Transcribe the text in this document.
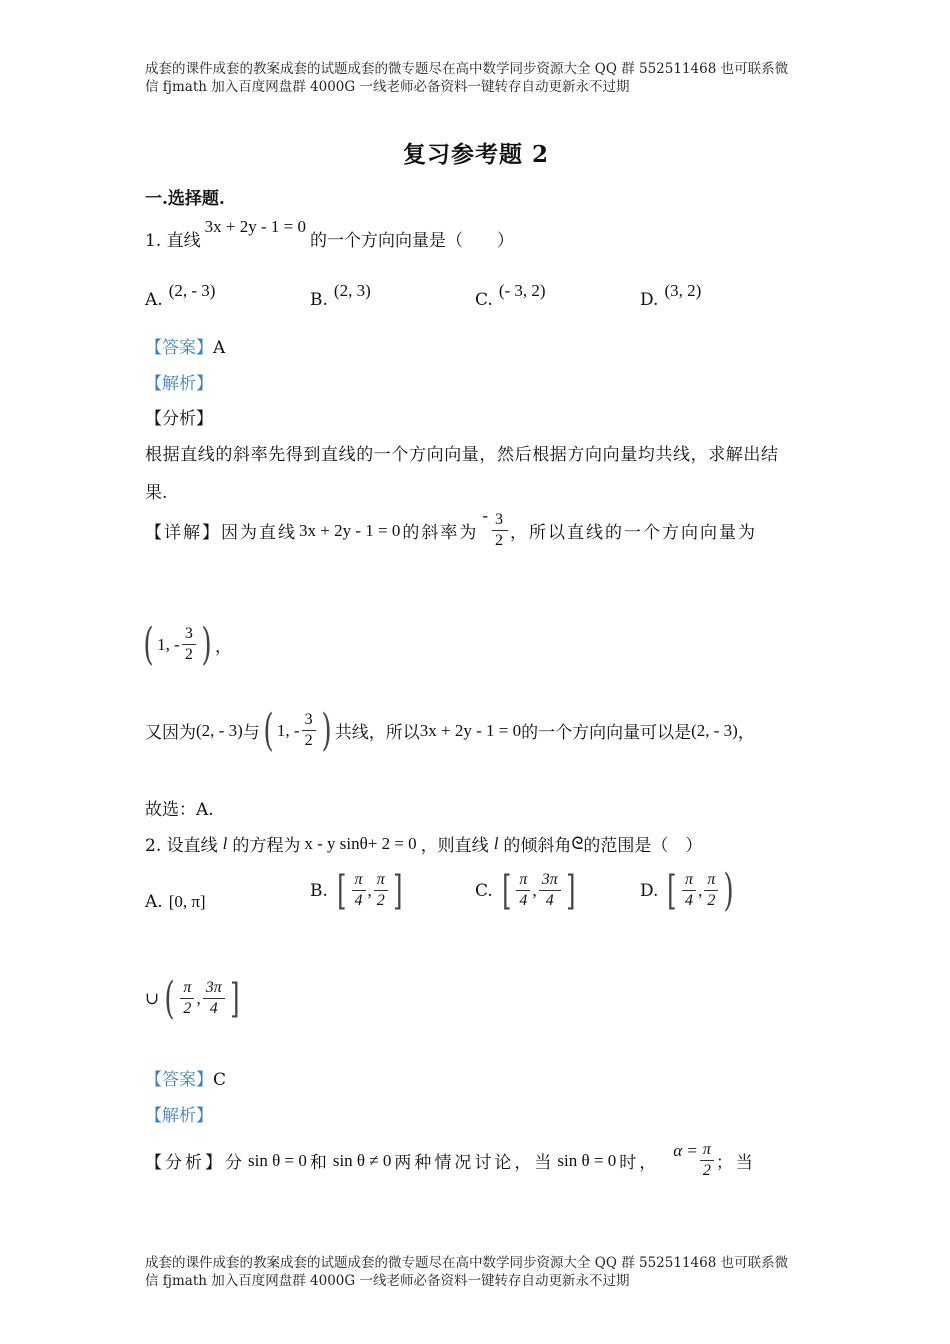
成套的课件成套的教案成套的试题成套的微专题尽在高中数学同步资源大全 QQ 群 552511468 也可联系微
信 fjmath 加入百度网盘群 4000G 一线老师必备资料一键转存自动更新永不过期
复习参考题 2
一.选择题.
1. 直线
3x + 2y - 1 = 0
的一个方向向量是（　　）
A. (2, - 3)	B. (2, 3)	C. (- 3, 2)	D. (3, 2)
【答案】A
【解析】
【分析】
根据直线的斜率先得到直线的一个方向向量，然后根据方向向量均共线，求解出结
果.
【详解】 因为直线 3x + 2y - 1 = 0 的斜率为
- $\frac{3}{2}$ ，所以直线的一个方向向量为
( 1, - $\frac{3}{2}$ ) ，
又因为 (2, - 3) 与 ( 1, - $\frac{3}{2}$ ) 共线，所以 3x + 2y - 1 = 0 的一个方向向量可以是 (2, - 3) ，
故选：A.
2. 设直线 l 的方程为 x - y sinθ+ 2 = 0 ，则直线 l 的倾斜角 ᘓ 的范围是（　）
A. [0, π]
B. [ $\frac{\pi}{4}$ , $\frac{\pi}{2}$ ]	C. [ $\frac{\pi}{4}$ , $\frac{3\pi}{4}$ ]	D. [ $\frac{\pi}{4}$ , $\frac{\pi}{2}$ )
∪ ( $\frac{\pi}{2}$ , $\frac{3\pi}{4}$ ]
【答案】C
【解析】
【分析】 分 sin θ = 0 和 sin θ ≠ 0 两种情况讨论，当 sin θ = 0 时，
$\alpha = \frac{\pi}{2}$ ；当
成套的课件成套的教案成套的试题成套的微专题尽在高中数学同步资源大全 QQ 群 552511468 也可联系微
信 fjmath 加入百度网盘群 4000G 一线老师必备资料一键转存自动更新永不过期
